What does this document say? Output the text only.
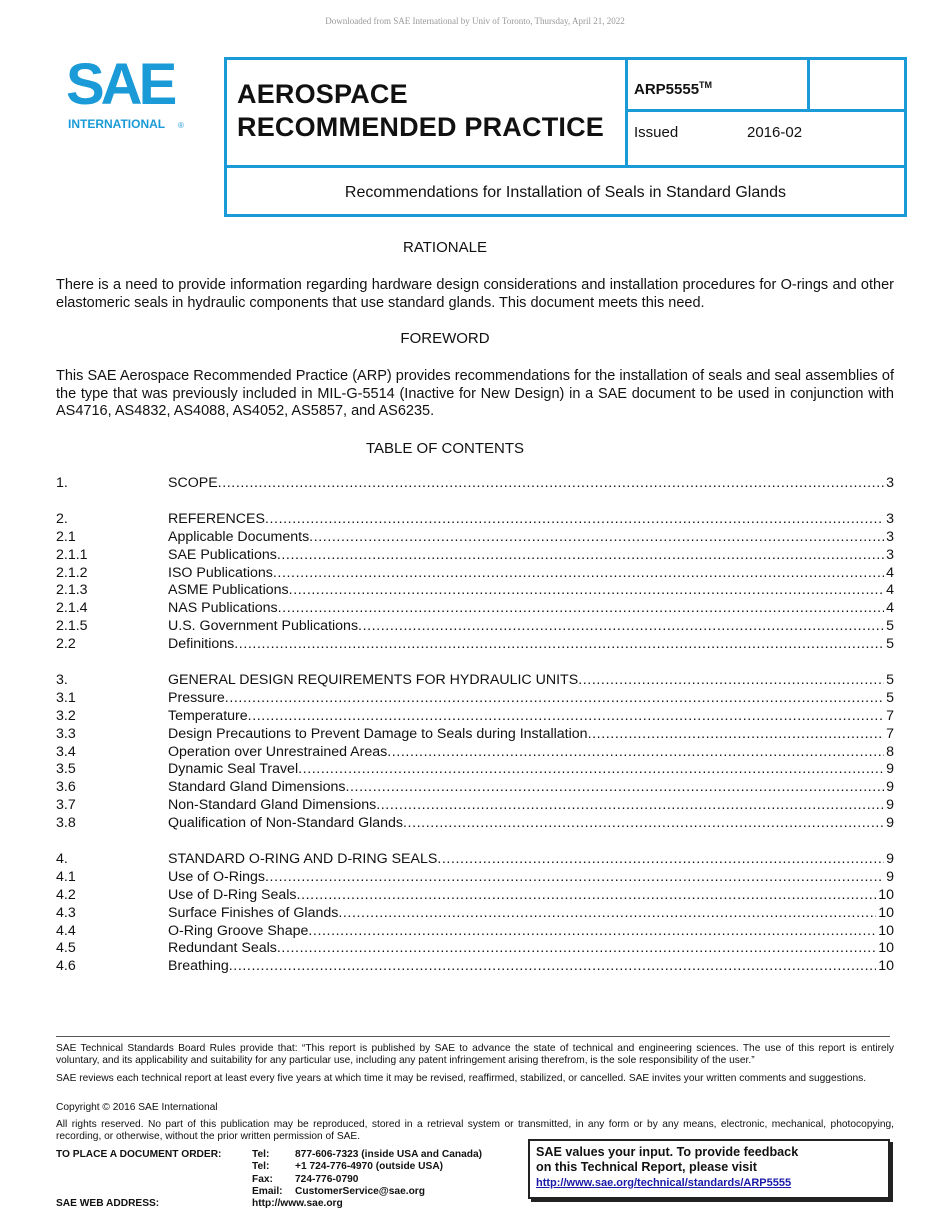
Downloaded from SAE International by Univ of Toronto, Thursday, April 21, 2022
SAE
INTERNATIONAL ®
AEROSPACE
RECOMMENDED PRACTICE
ARP5555™
Issued	2016-02
Recommendations for Installation of Seals in Standard Glands
RATIONALE
There is a need to provide information regarding hardware design considerations and installation procedures for O-rings and other elastomeric seals in hydraulic components that use standard glands. This document meets this need.
FOREWORD
This SAE Aerospace Recommended Practice (ARP) provides recommendations for the installation of seals and seal assemblies of the type that was previously included in MIL-G-5514 (Inactive for New Design) in a SAE document to be used in conjunction with AS4716, AS4832, AS4088, AS4052, AS5857, and AS6235.
TABLE OF CONTENTS
1.	SCOPE .....	3
2.	REFERENCES .....	3
2.1	Applicable Documents .....	3
2.1.1	SAE Publications .....	3
2.1.2	ISO Publications .....	4
2.1.3	ASME Publications .....	4
2.1.4	NAS Publications .....	4
2.1.5	U.S. Government Publications .....	5
2.2	Definitions .....	5
3.	GENERAL DESIGN REQUIREMENTS FOR HYDRAULIC UNITS .....	5
3.1	Pressure .....	5
3.2	Temperature .....	7
3.3	Design Precautions to Prevent Damage to Seals during Installation .....	7
3.4	Operation over Unrestrained Areas .....	8
3.5	Dynamic Seal Travel .....	9
3.6	Standard Gland Dimensions .....	9
3.7	Non-Standard Gland Dimensions .....	9
3.8	Qualification of Non-Standard Glands .....	9
4.	STANDARD O-RING AND D-RING SEALS .....	9
4.1	Use of O-Rings .....	9
4.2	Use of D-Ring Seals .....	10
4.3	Surface Finishes of Glands .....	10
4.4	O-Ring Groove Shape .....	10
4.5	Redundant Seals .....	10
4.6	Breathing .....	10
SAE Technical Standards Board Rules provide that: “This report is published by SAE to advance the state of technical and engineering sciences. The use of this report is entirely voluntary, and its applicability and suitability for any particular use, including any patent infringement arising therefrom, is the sole responsibility of the user.”
SAE reviews each technical report at least every five years at which time it may be revised, reaffirmed, stabilized, or cancelled. SAE invites your written comments and suggestions.
Copyright © 2016 SAE International
All rights reserved. No part of this publication may be reproduced, stored in a retrieval system or transmitted, in any form or by any means, electronic, mechanical, photocopying, recording, or otherwise, without the prior written permission of SAE.
TO PLACE A DOCUMENT ORDER:
SAE WEB ADDRESS:
Tel:	877-606-7323 (inside USA and Canada)
Tel:	+1 724-776-4970 (outside USA)
Fax:	724-776-0790
Email:	CustomerService@sae.org
http://www.sae.org
SAE values your input. To provide feedback
on this Technical Report, please visit
http://www.sae.org/technical/standards/ARP5555
